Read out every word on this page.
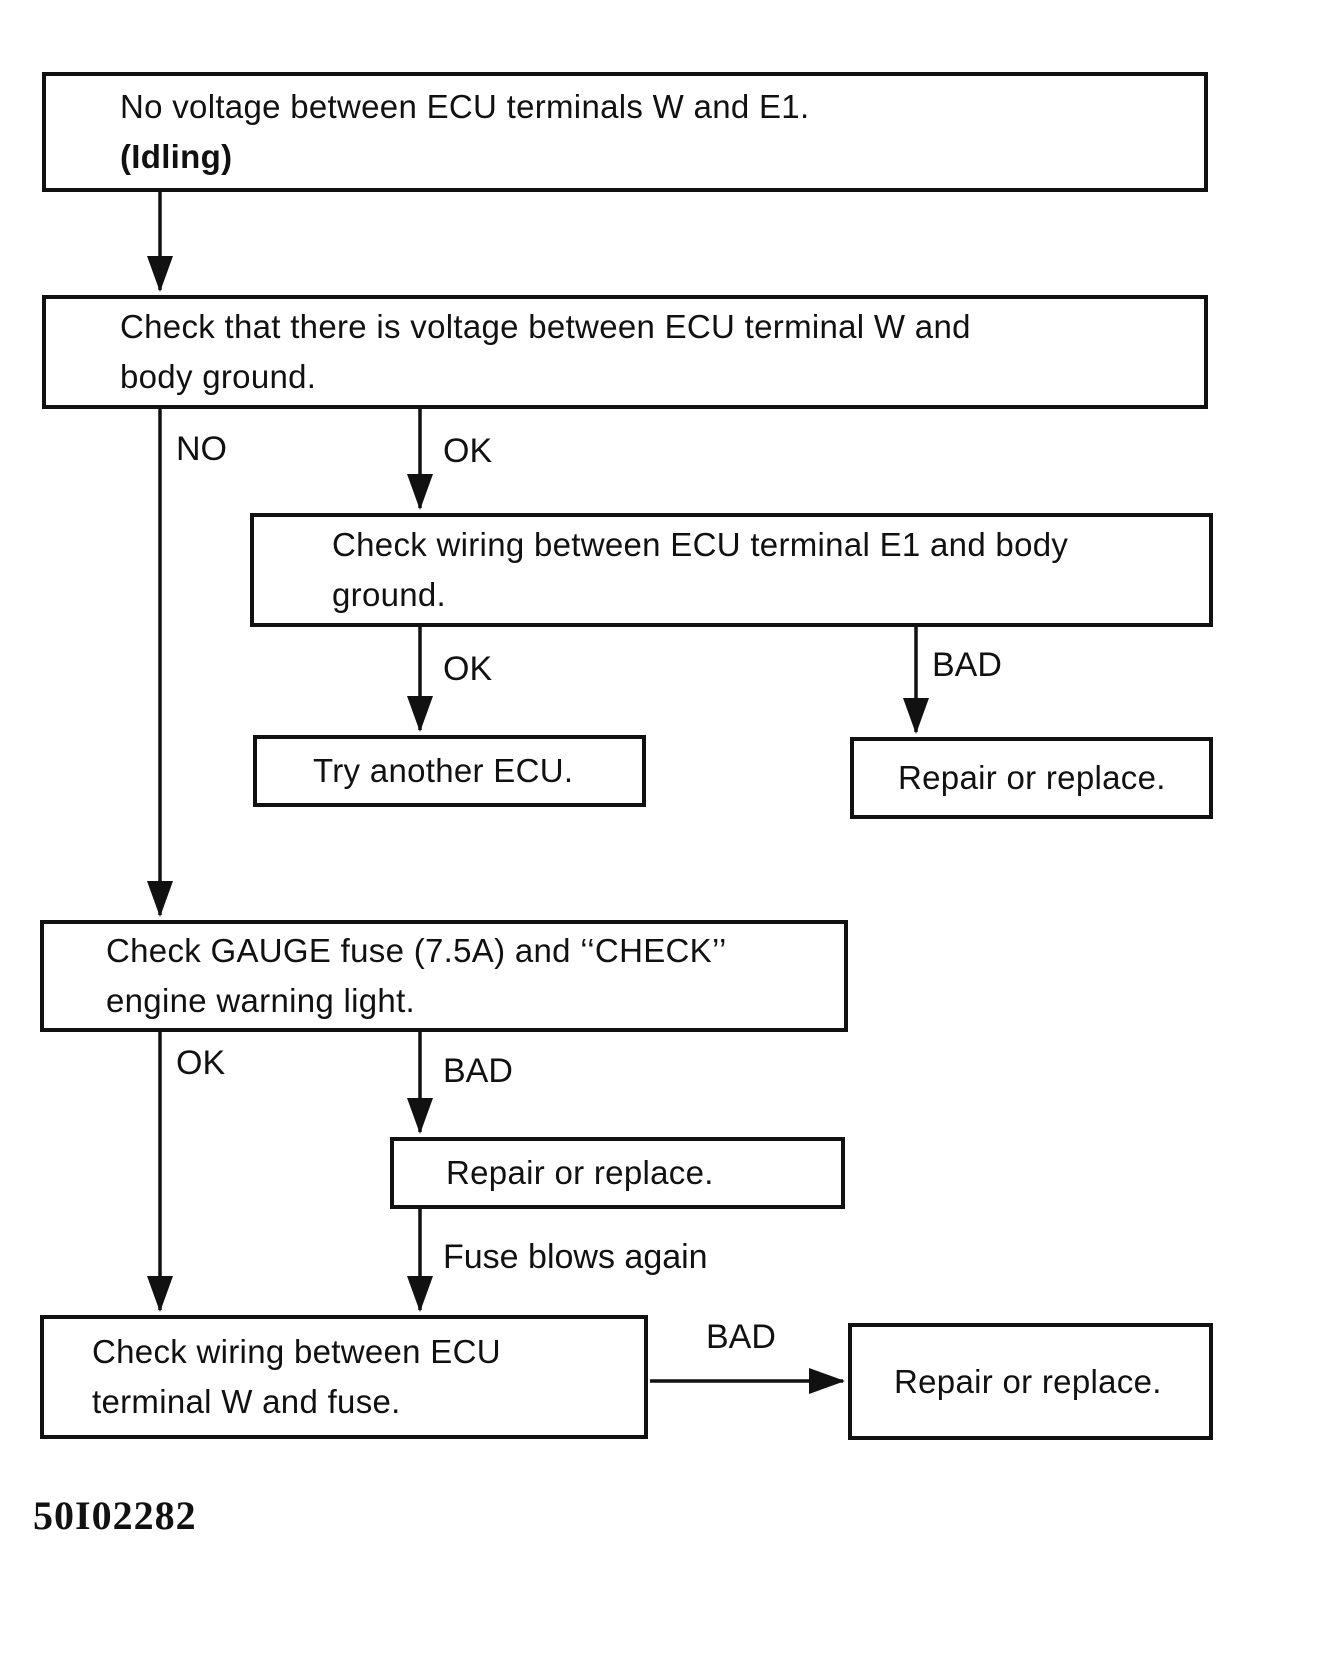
No voltage between ECU terminals W and E1.
(Idling)
Check that there is voltage between ECU terminal W and
body ground.
Check wiring between ECU terminal E1 and body
ground.
Try another ECU.	Repair or replace.
Check GAUGE fuse (7.5A) and ‘‘CHECK’’
engine warning light.
Repair or replace.
Check wiring between ECU
terminal W and fuse.
Repair or replace.
NO	OK
OK	BAD
OK	BAD
Fuse blows again
BAD
50I02282
